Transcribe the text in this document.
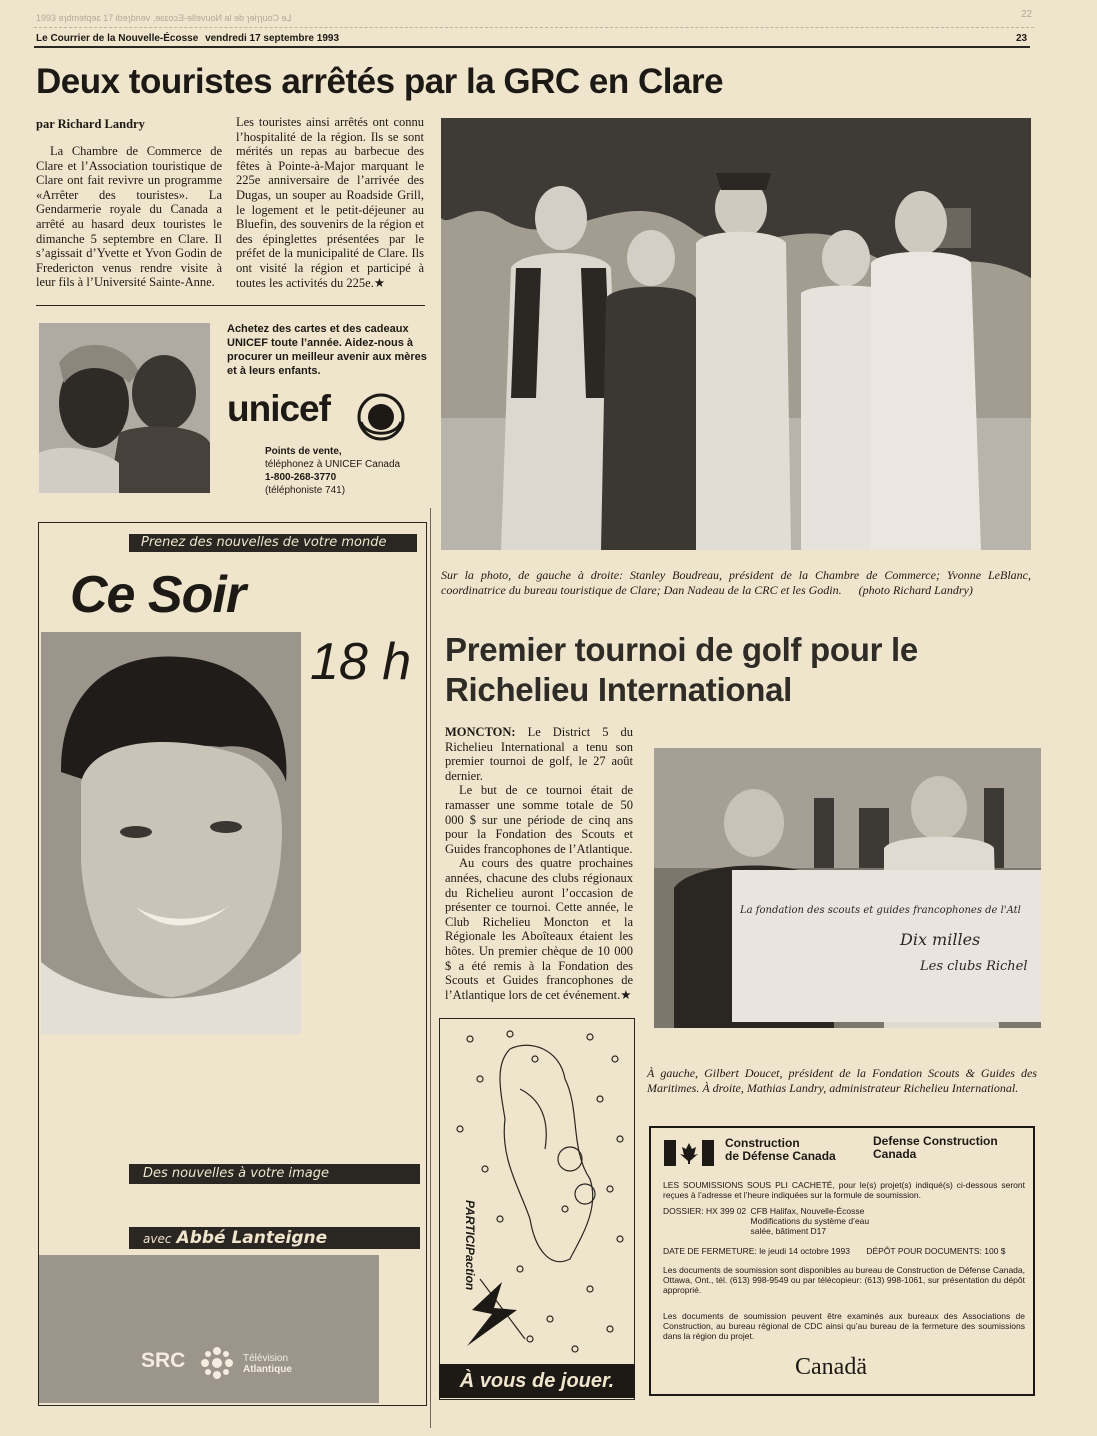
1993 ɘɿdmɘtqɘɛ 17 ibɘɿbnɘv ,ɘɛɛoɔƎ-ɘllɘvuoИ al ɘb ɿɘiɿɿuoƆ ɘ⅃	22
Le Courrier de la Nouvelle-Écosse vendredi 17 septembre 1993	23
Deux touristes arrêtés par la GRC en Clare
par Richard Landry

La Chambre de Commerce de Clare et l’Association touristique de Clare ont fait revivre un programme «Arrêter des touristes». La Gendarmerie royale du Canada a arrêté au hasard deux touristes le dimanche 5 septembre en Clare. Il s’agissait d’Yvette et Yvon Godin de Fredericton venus rendre visite à leur fils à l’Université Sainte-Anne.

Les touristes ainsi arrêtés ont connu l’hospitalité de la région. Ils se sont mérités un repas au barbecue des fêtes à Pointe-à-Major marquant le 225e anniversaire de l’arrivée des Dugas, un souper au Roadside Grill, le logement et le petit-déjeuner au Bluefin, des souvenirs de la région et des épinglettes présentées par le préfet de la municipalité de Clare. Ils ont visité la région et participé à toutes les activités du 225e.★

Sur la photo, de gauche à droite: Stanley Boudreau, président de la Chambre de Commerce; Yvonne LeBlanc, coordinatrice du bureau touristique de Clare; Dan Nadeau de la CRC et les Godin. (photo Richard Landry)
Achetez des cartes et des cadeaux UNICEF toute l’année. Aidez-nous à procurer un meilleur avenir aux mères et à leurs enfants.
unicef
Points de vente,
téléphonez à UNICEF Canada
1-800-268-3770
(téléphoniste 741)
Prenez des nouvelles de votre monde
Ce Soir
18 h
Des nouvelles à votre image
avec Abbé Lanteigne
SRC	Télévision
Atlantique
Premier tournoi de golf pour le Richelieu International

MONCTON: Le District 5 du Richelieu International a tenu son premier tournoi de golf, le 27 août dernier.

Le but de ce tournoi était de ramasser une somme totale de 50 000 $ sur une période de cinq ans pour la Fondation des Scouts et Guides francophones de l’Atlantique.

Au cours des quatre prochaines années, chacune des clubs régionaux du Richelieu auront l’occasion de présenter ce tournoi. Cette année, le Club Richelieu Moncton et la Régionale les Aboîteaux étaient les hôtes. Un premier chèque de 10 000 $ a été remis à la Fondation des Scouts et Guides francophones de l’Atlantique lors de cet événement.★

La fondation des scouts et guides francophones de l'Atl
Dix milles
Les clubs Richel
À gauche, Gilbert Doucet, président de la Fondation Scouts & Guides des Maritimes. À droite, Mathias Landry, administrateur Richelieu International.
PARTICIPaction
À vous de jouer.
Construction
de Défense Canada
Defense Construction
Canada
LES SOUMISSIONS SOUS PLI CACHETÉ, pour le(s) projet(s) indiqué(s) ci-dessous seront reçues à l’adresse et l’heure indiquées sur la formule de soumission.
DOSSIER: HX 399 02 CFB Halifax, Nouvelle-Écosse
Modifications du système d’eau
salée, bâtiment D17
DATE DE FERMETURE: le jeudi 14 octobre 1993 DÉPÔT POUR DOCUMENTS: 100 $
Les documents de soumission sont disponibles au bureau de Construction de Défense Canada, Ottawa, Ont., tél. (613) 998-9549 ou par télécopieur: (613) 998-1061, sur présentation du dépôt approprié.
Les documents de soumission peuvent être examinés aux bureaux des Associations de Construction, au bureau régional de CDC ainsi qu’au bureau de la fermeture des soumissions dans la région du projet.
Canadä
